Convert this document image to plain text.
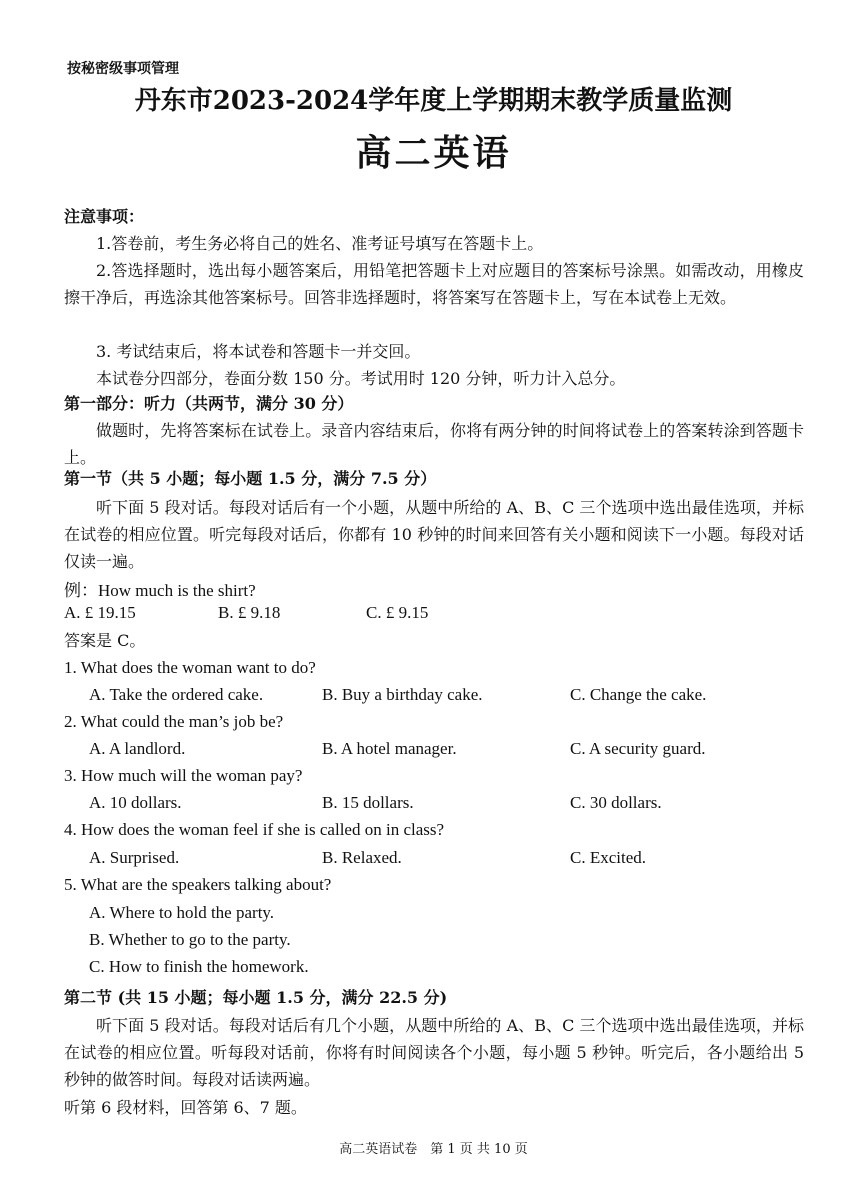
按秘密级事项管理
丹东市2023-2024学年度上学期期末教学质量监测
高二英语
注意事项：
1.答卷前，考生务必将自己的姓名、准考证号填写在答题卡上。
2.答选择题时，选出每小题答案后，用铅笔把答题卡上对应题目的答案标号涂黑。如需改动，用橡皮擦干净后，再选涂其他答案标号。回答非选择题时，将答案写在答题卡上，写在本试卷上无效。
3. 考试结束后，将本试卷和答题卡一并交回。
本试卷分四部分，卷面分数 150 分。考试用时 120 分钟，听力计入总分。
第一部分：听力（共两节，满分 30 分）
做题时，先将答案标在试卷上。录音内容结束后，你将有两分钟的时间将试卷上的答案转涂到答题卡上。
第一节（共 5 小题；每小题 1.5 分，满分 7.5 分）
听下面 5 段对话。每段对话后有一个小题，从题中所给的 A、B、C 三个选项中选出最佳选项，并标在试卷的相应位置。听完每段对话后，你都有 10 秒钟的时间来回答有关小题和阅读下一小题。每段对话仅读一遍。
例：How much is the shirt?
A. £ 19.15	B. £ 9.18	C. £ 9.15
答案是 C。
1. What does the woman want to do?
A. Take the ordered cake.	B. Buy a birthday cake.	C. Change the cake.
2. What could the man’s job be?
A. A landlord.	B. A hotel manager.	C. A security guard.
3. How much will the woman pay?
A. 10 dollars.	B. 15 dollars.	C. 30 dollars.
4. How does the woman feel if she is called on in class?
A. Surprised.	B. Relaxed.	C. Excited.
5. What are the speakers talking about?
A. Where to hold the party.
B. Whether to go to the party.
C. How to finish the homework.
第二节 (共 15 小题；每小题 1.5 分，满分 22.5 分)
听下面 5 段对话。每段对话后有几个小题，从题中所给的 A、B、C 三个选项中选出最佳选项，并标在试卷的相应位置。听每段对话前，你将有时间阅读各个小题，每小题 5 秒钟。听完后，各小题给出 5 秒钟的做答时间。每段对话读两遍。
听第 6 段材料，回答第 6、7 题。
高二英语试卷　第 1 页 共 10 页
